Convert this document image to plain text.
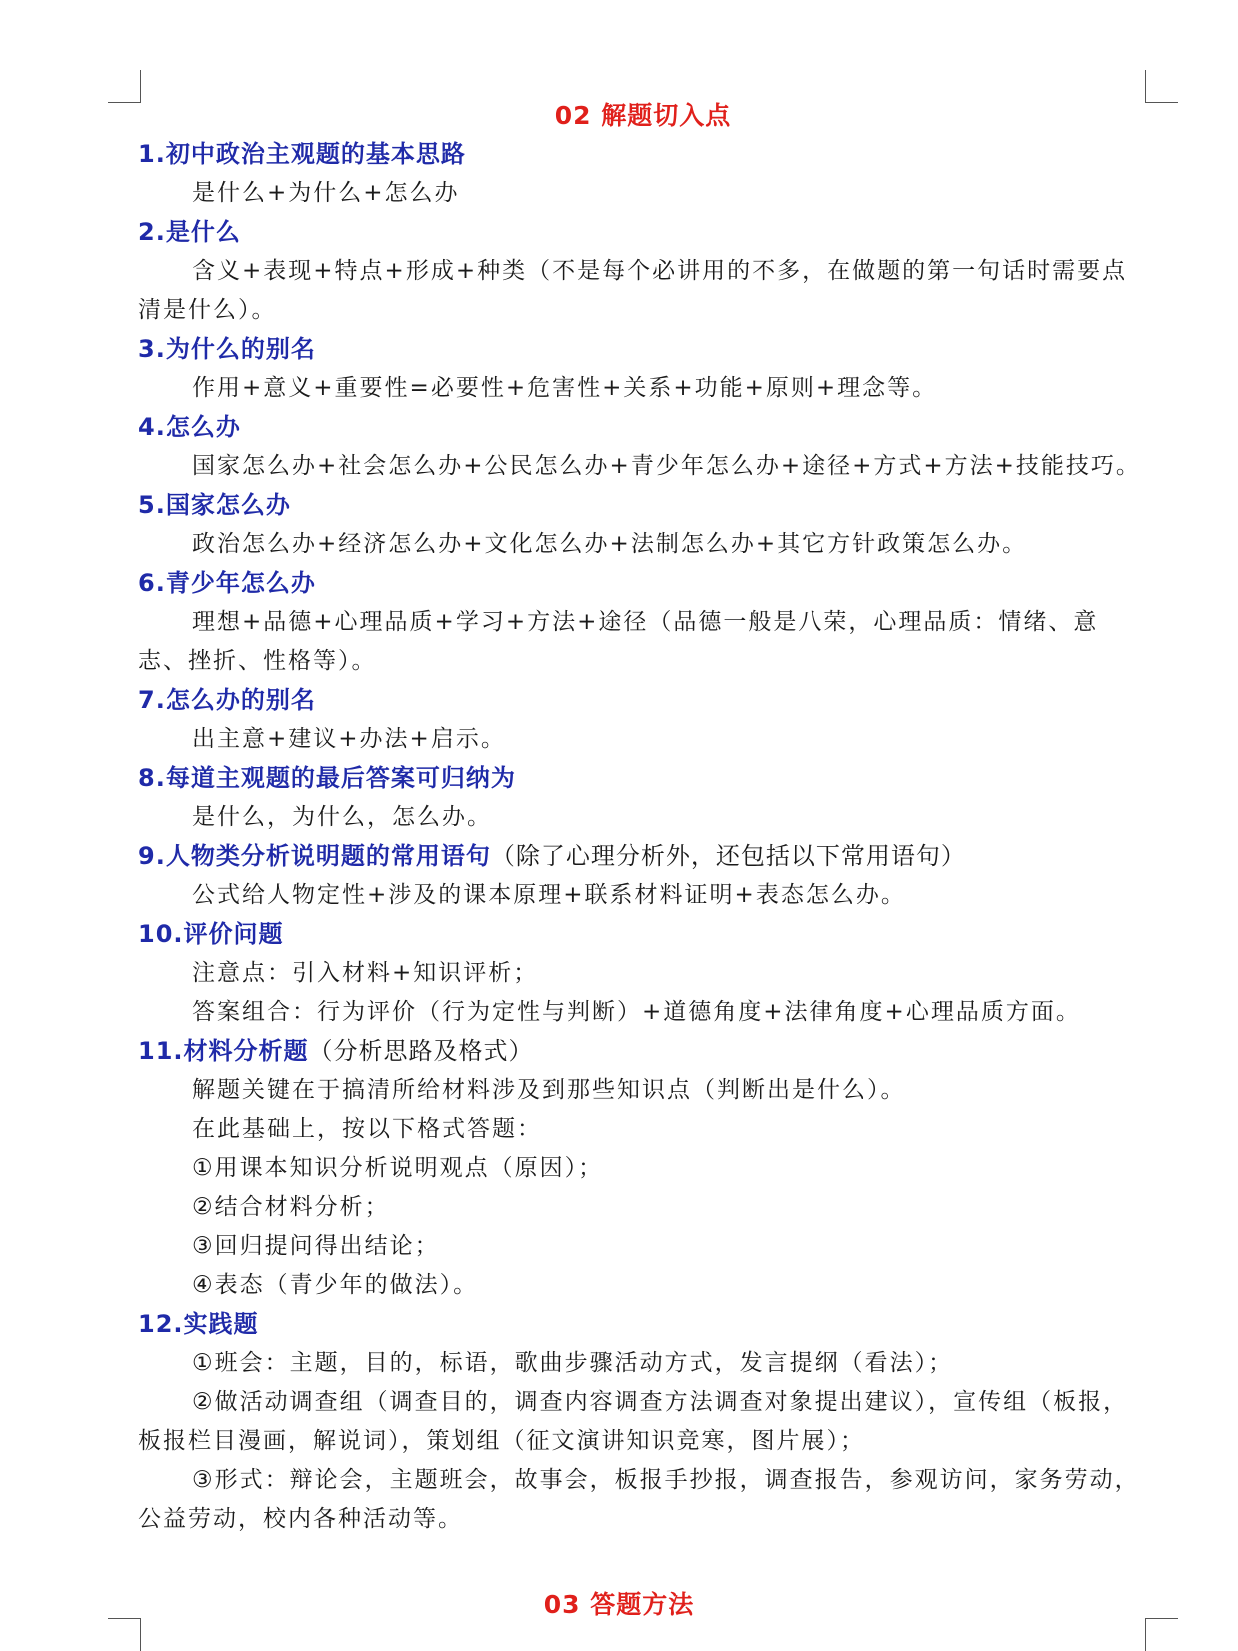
02 解题切入点
1.初中政治主观题的基本思路
是什么+为什么+怎么办
2.是什么
含义+表现+特点+形成+种类（不是每个必讲用的不多，在做题的第一句话时需要点清是什么）。
3.为什么的别名
作用+意义+重要性=必要性+危害性+关系+功能+原则+理念等。
4.怎么办
国家怎么办+社会怎么办+公民怎么办+青少年怎么办+途径+方式+方法+技能技巧。
5.国家怎么办
政治怎么办+经济怎么办+文化怎么办+法制怎么办+其它方针政策怎么办。
6.青少年怎么办
理想+品德+心理品质+学习+方法+途径（品德一般是八荣，心理品质：情绪、意志、挫折、性格等）。
7.怎么办的别名
出主意+建议+办法+启示。
8.每道主观题的最后答案可归纳为
是什么，为什么，怎么办。
9.人物类分析说明题的常用语句（除了心理分析外，还包括以下常用语句）
公式给人物定性+涉及的课本原理+联系材料证明+表态怎么办。
10.评价问题
注意点：引入材料+知识评析；
答案组合：行为评价（行为定性与判断）+道德角度+法律角度+心理品质方面。
11.材料分析题（分析思路及格式）
解题关键在于搞清所给材料涉及到那些知识点（判断出是什么）。
在此基础上，按以下格式答题：
①用课本知识分析说明观点（原因）；
②结合材料分析；
③回归提问得出结论；
④表态（青少年的做法）。
12.实践题
①班会：主题，目的，标语，歌曲步骤活动方式，发言提纲（看法）；
②做活动调查组（调查目的，调查内容调查方法调查对象提出建议），宣传组（板报，板报栏目漫画，解说词），策划组（征文演讲知识竞寒，图片展）；
③形式：辩论会，主题班会，故事会，板报手抄报，调查报告，参观访问，家务劳动，公益劳动，校内各种活动等。
03 答题方法
